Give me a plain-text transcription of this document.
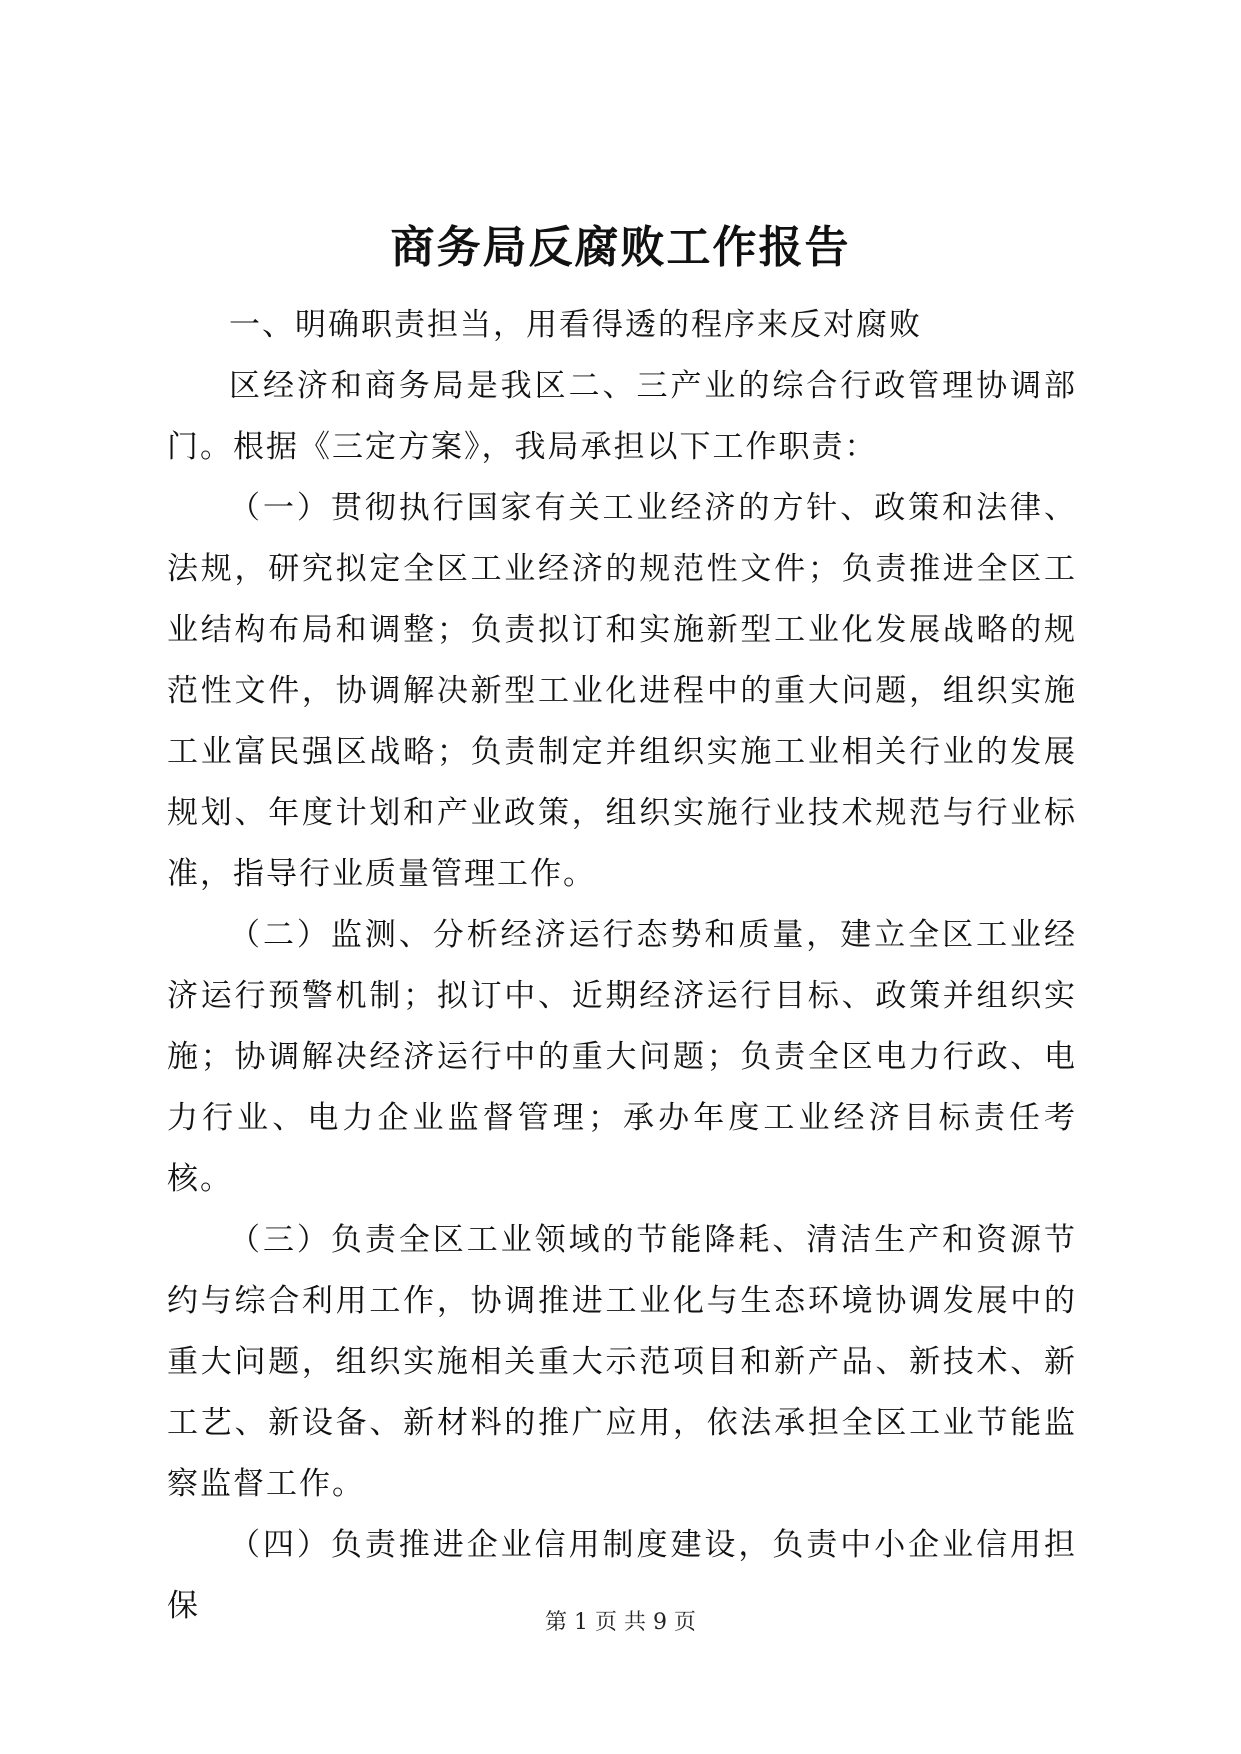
商务局反腐败工作报告

一、明确职责担当，用看得透的程序来反对腐败

区经济和商务局是我区二、三产业的综合行政管理协调部门。根据《三定方案》，我局承担以下工作职责：

（一）贯彻执行国家有关工业经济的方针、政策和法律、法规，研究拟定全区工业经济的规范性文件；负责推进全区工业结构布局和调整；负责拟订和实施新型工业化发展战略的规范性文件，协调解决新型工业化进程中的重大问题，组织实施工业富民强区战略；负责制定并组织实施工业相关行业的发展规划、年度计划和产业政策，组织实施行业技术规范与行业标准，指导行业质量管理工作。

（二）监测、分析经济运行态势和质量，建立全区工业经济运行预警机制；拟订中、近期经济运行目标、政策并组织实施；协调解决经济运行中的重大问题；负责全区电力行政、电力行业、电力企业监督管理；承办年度工业经济目标责任考核。

（三）负责全区工业领域的节能降耗、清洁生产和资源节约与综合利用工作，协调推进工业化与生态环境协调发展中的重大问题，组织实施相关重大示范项目和新产品、新技术、新工艺、新设备、新材料的推广应用，依法承担全区工业节能监察监督工作。

（四）负责推进企业信用制度建设，负责中小企业信用担保	第 1 页 共 9 页
